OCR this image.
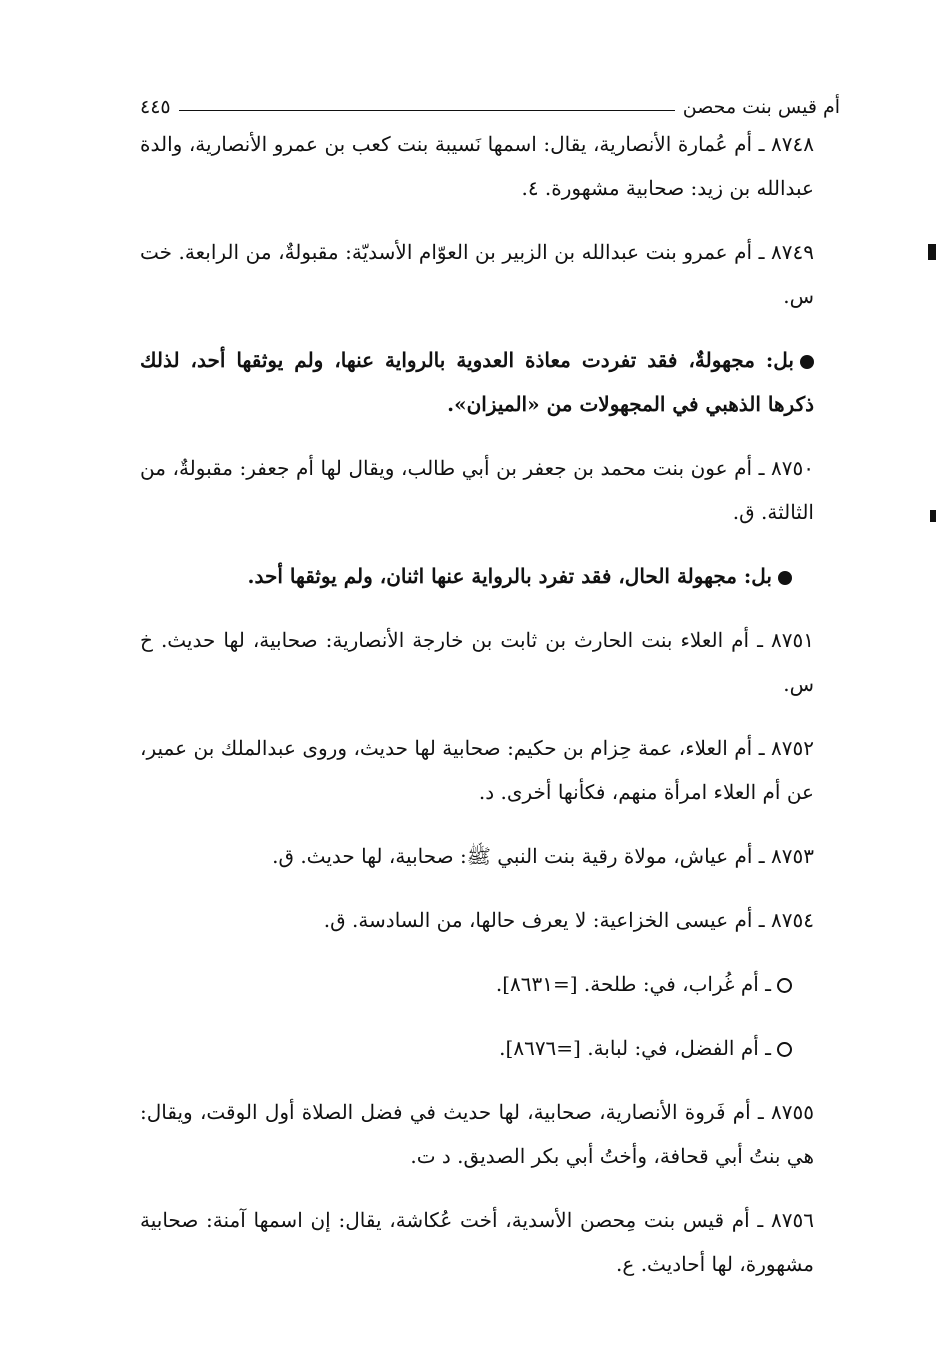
أم قيس بنت محصن
٤٤٥

٨٧٤٨ ـ أم عُمارة الأنصارية، يقال: اسمها نَسيبة بنت كعب بن عمرو الأنصارية، والدة عبدالله بن زيد: صحابية مشهورة. ٤.

٨٧٤٩ ـ أم عمرو بنت عبدالله بن الزبير بن العوّام الأسديّة: مقبولةٌ، من الرابعة. خت س.

بل: مجهولةٌ، فقد تفردت معاذة العدوية بالرواية عنها، ولم يوثقها أحد، لذلك ذكرها الذهبي في المجهولات من «الميزان».

٨٧٥٠ ـ أم عون بنت محمد بن جعفر بن أبي طالب، ويقال لها أم جعفر: مقبولةٌ، من الثالثة. ق.

بل: مجهولة الحال، فقد تفرد بالرواية عنها اثنان، ولم يوثقها أحد.

٨٧٥١ ـ أم العلاء بنت الحارث بن ثابت بن خارجة الأنصارية: صحابية، لها حديث. خ س.

٨٧٥٢ ـ أم العلاء، عمة حِزام بن حكيم: صحابية لها حديث، وروى عبدالملك بن عمير، عن أم العلاء امرأة منهم، فكأنها أخرى. د.

٨٧٥٣ ـ أم عياش، مولاة رقية بنت النبي ﷺ: صحابية، لها حديث. ق.

٨٧٥٤ ـ أم عيسى الخزاعية: لا يعرف حالها، من السادسة. ق.

ـ أم غُراب، في: طلحة. [=٨٦٣١].

ـ أم الفضل، في: لبابة. [=٨٦٧٦].

٨٧٥٥ ـ أم فَروة الأنصارية، صحابية، لها حديث في فضل الصلاة أول الوقت، ويقال: هي بنتُ أبي قحافة، وأختُ أبي بكر الصديق. د ت.

٨٧٥٦ ـ أم قيس بنت مِحصن الأسدية، أخت عُكاشة، يقال: إن اسمها آمنة: صحابية مشهورة، لها أحاديث. ع.
